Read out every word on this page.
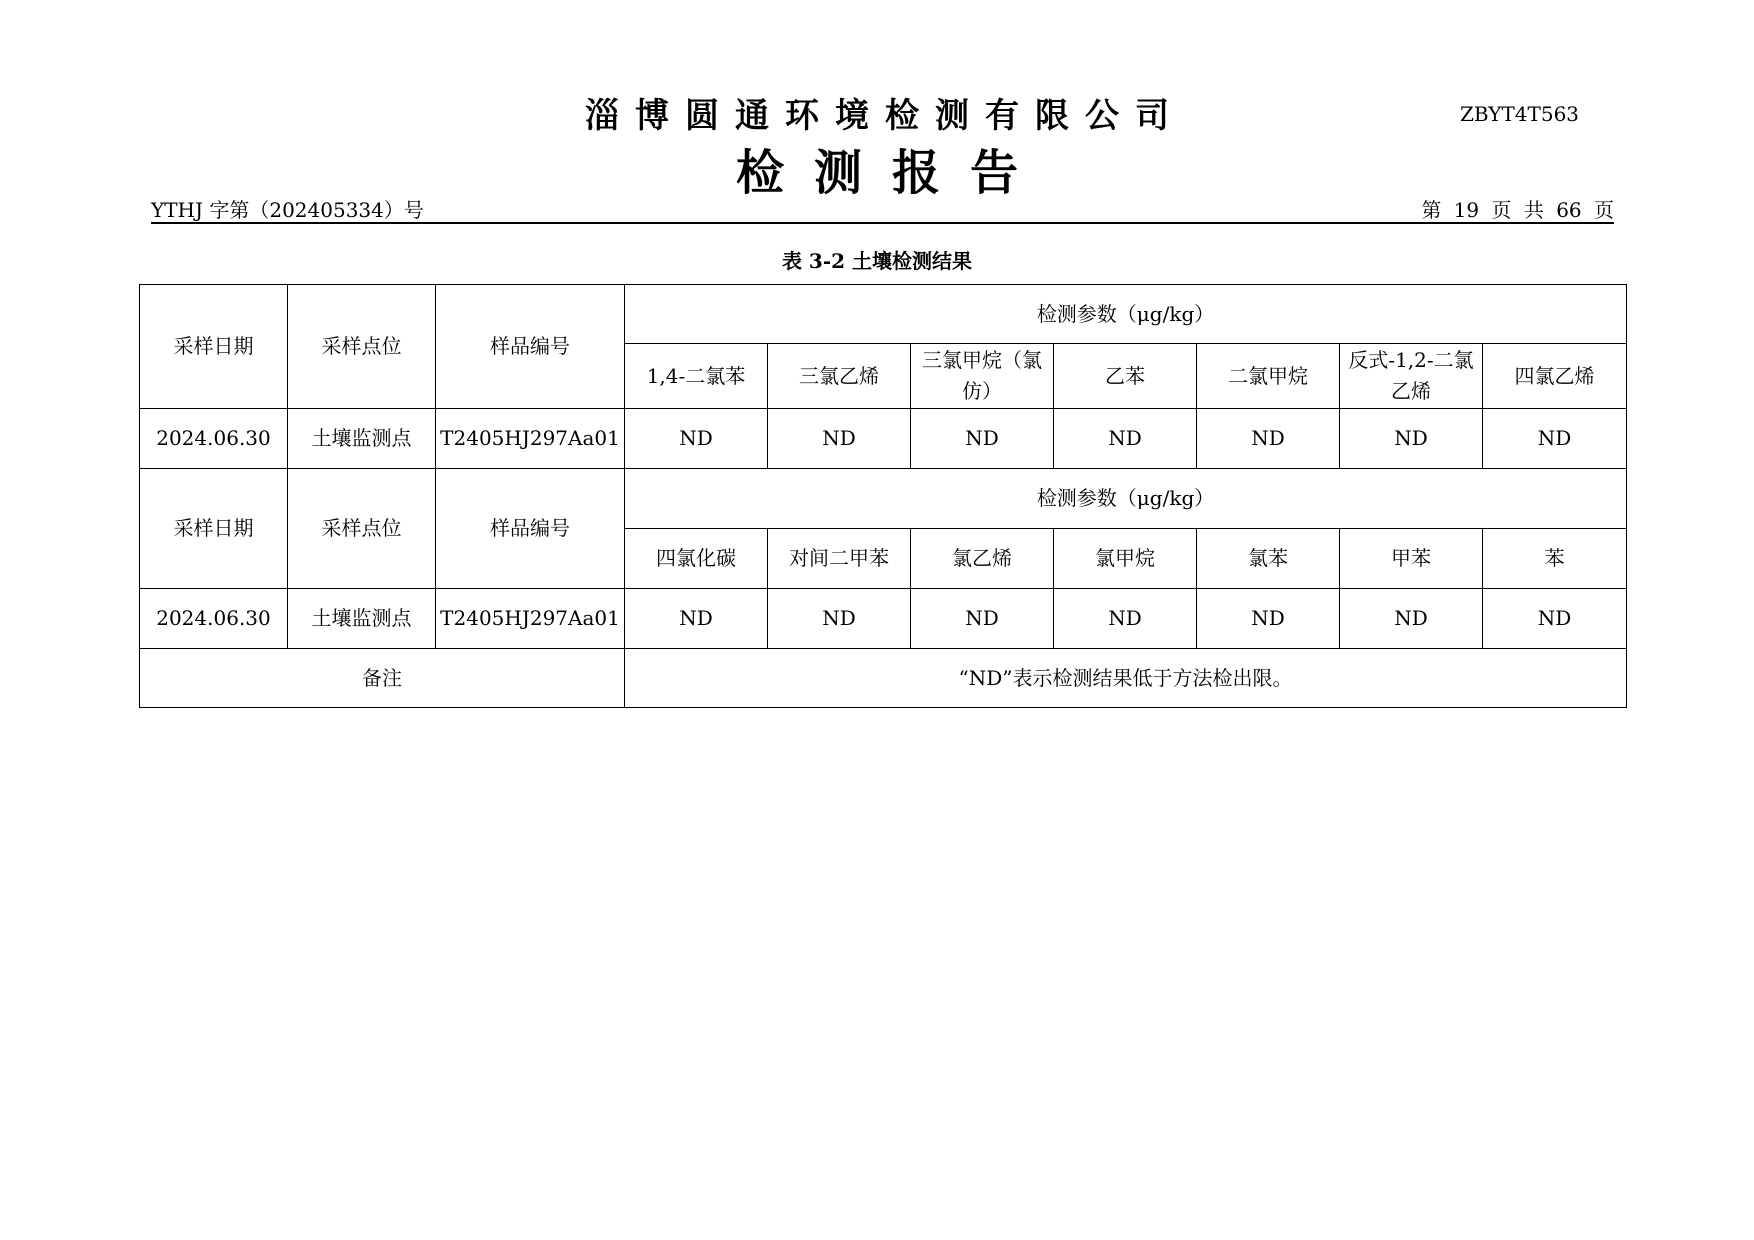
淄博圆通环境检测有限公司	ZBYT4T563
检测报告
YTHJ 字第（202405334）号	第 19 页 共 66 页
表 3-2 土壤检测结果
采样日期	采样点位	样品编号	检测参数（μg/kg）						
			1,4-二氯苯	三氯乙烯	三氯甲烷（氯仿）	乙苯	二氯甲烷	反式-1,2-二氯乙烯	四氯乙烯
2024.06.30	土壤监测点	T2405HJ297Aa01	ND	ND	ND	ND	ND	ND	ND
采样日期	采样点位	样品编号	检测参数（μg/kg）						
			四氯化碳	对间二甲苯	氯乙烯	氯甲烷	氯苯	甲苯	苯
2024.06.30	土壤监测点	T2405HJ297Aa01	ND	ND	ND	ND	ND	ND	ND
备注			“ND”表示检测结果低于方法检出限。						
